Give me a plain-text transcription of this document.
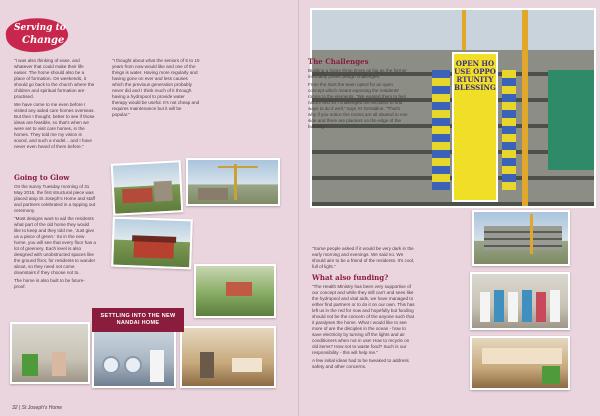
Serving to
Change

"I was also thinking of ease, and whatever that could make their life easier. The home should also be a place of formation. On weekends, it should go back to the church where the children and spiritual formation are practised.

We have come to me even before I visited any aided care homes overseas. But then I thought, better to see if those ideas are feasible, so that's when we were set to visit care homes, in the homes. They told me my vision is sound, and such a model... and I have never even heard of them before."

"I thought about what the seniors of 5 to 10 years from now would like and one of the things is water. Having more regularly and having gone on ever and less causes which the previous generation probably never did and I think much of it through having a hydropool to provide water therapy would be useful. It's not cheap and requires maintenance but it will be popular."

Going to Glow

On the sunny Tuesday morning of 31 May 2016, the first structural piece was placed atop St Joseph's Home and staff and partners celebrated in a topping out ceremony.

"Most designs want to aid the residents what part of the old home they would like to keep and they told me, 'Just give us a piece of green.' So in the new home, you will see that every floor has a lot of greenery. Each level is also designed with unobstructed spaces like the ground floor, for residents to wander about, so they need not come downstairs if they choose not to.

The home is also built to be future-proof.

SETTLING INTO THE NEW NANDAI HOME
32 | St Joseph's Home
OPEN HOUSE OPPORTUNITY BLESSING
The Challenges

Building a home three times as big as the former inevitably poses design challenges.

From the start the team opted for an open concept which meant exposing the residents' rooms to the elements. "We wanted them to feel nature and so I challenged the architect to find ways to do it well," says Sr Geraldine. "That's why if you notice the rooms are all slanted to one side and there are planters on the edge of the building."

"Some people asked if it would be very dark in the early morning and evenings. We said no. We should aim to be a friend of the residents. It's cool, full of light."

What also funding?

"The Health Ministry has been very supportive of our concept and while they still can't and sees like the hydropool and vital aids, we have managed to either find partners or to do it on our own. This has left us in the red for now and hopefully but funding should not be the concern of the anyone such that it paralyses the home. What I would like to see more of are the disciples in the ocean - how to save electricity by turning off the lights and air conditioners when not in use! How to recycle on old items? How not to waste food? Such is our responsibility - this will help me."

A few initial ideas had to be tweaked to address safety and other concerns.
